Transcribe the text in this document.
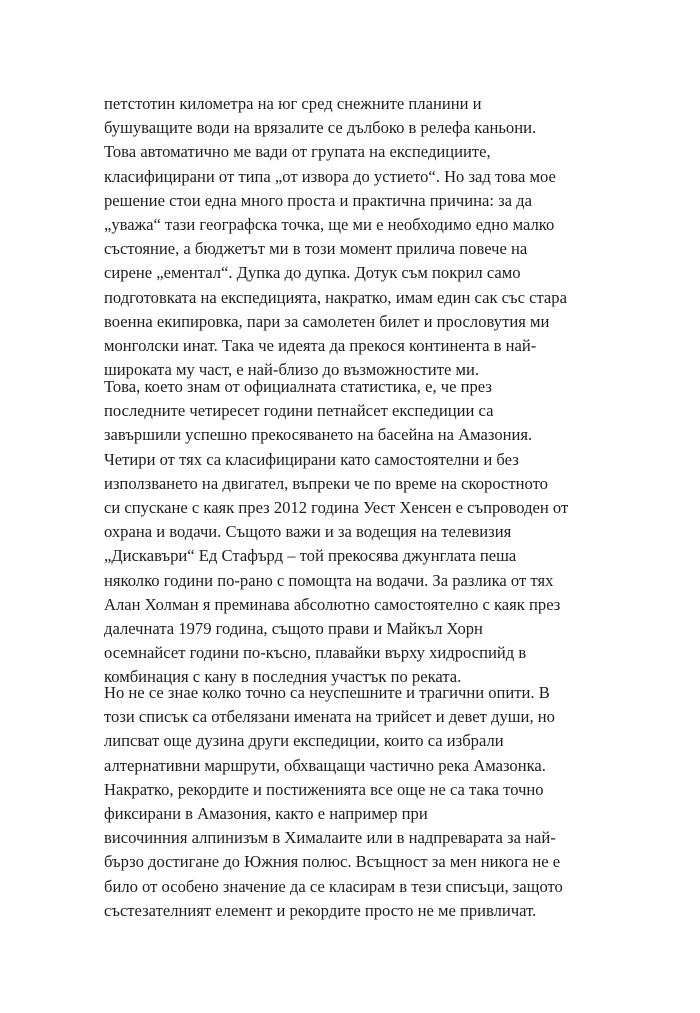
петстотин километра на юг сред снежните планини и
бушуващите води на врязалите се дълбоко в релефа каньони.
Това автоматично ме вади от групата на експедициите,
класифицирани от типа „от извора до устието“. Но зад това мое
решение стои една много проста и практична причина: за да
„уважа“ тази географска точка, ще ми е необходимо едно малко
състояние, а бюджетът ми в този момент прилича повече на
сирене „ементал“. Дупка до дупка. Дотук съм покрил само
подготовката на експедицията, накратко, имам един сак със стара
военна екипировка, пари за самолетен билет и прословутия ми
монголски инат. Така че идеята да прекося континента в най-
широката му част, е най-близо до възможностите ми.

Това, което знам от официалната статистика, е, че през
последните четиресет години петнайсет експедиции са
завършили успешно прекосяването на басейна на Амазония.
Четири от тях са класифицирани като самостоятелни и без
използването на двигател, въпреки че по време на скоростното
си спускане с каяк през 2012 година Уест Хенсен е съпроводен от
охрана и водачи. Същото важи и за водещия на телевизия
„Дискавъри“ Ед Стафърд – той прекосява джунглата пеша
няколко години по-рано с помощта на водачи. За разлика от тях
Алан Холман я преминава абсолютно самостоятелно с каяк през
далечната 1979 година, същото прави и Майкъл Хорн
осемнайсет години по-късно, плавайки върху хидроспийд в
комбинация с кану в последния участък по реката.

Но не се знае колко точно са неуспешните и трагични опити. В
този списък са отбелязани имената на трийсет и девет души, но
липсват още дузина други експедиции, които са избрали
алтернативни маршрути, обхващащи частично река Амазонка.
Накратко, рекордите и постиженията все още не са така точно
фиксирани в Амазония, както е например при
височинния алпинизъм в Хималаите или в надпреварата за най-
бързо достигане до Южния полюс. Всъщност за мен никога не е
било от особено значение да се класирам в тези списъци, защото
състезателният елемент и рекордите просто не ме привличат.
